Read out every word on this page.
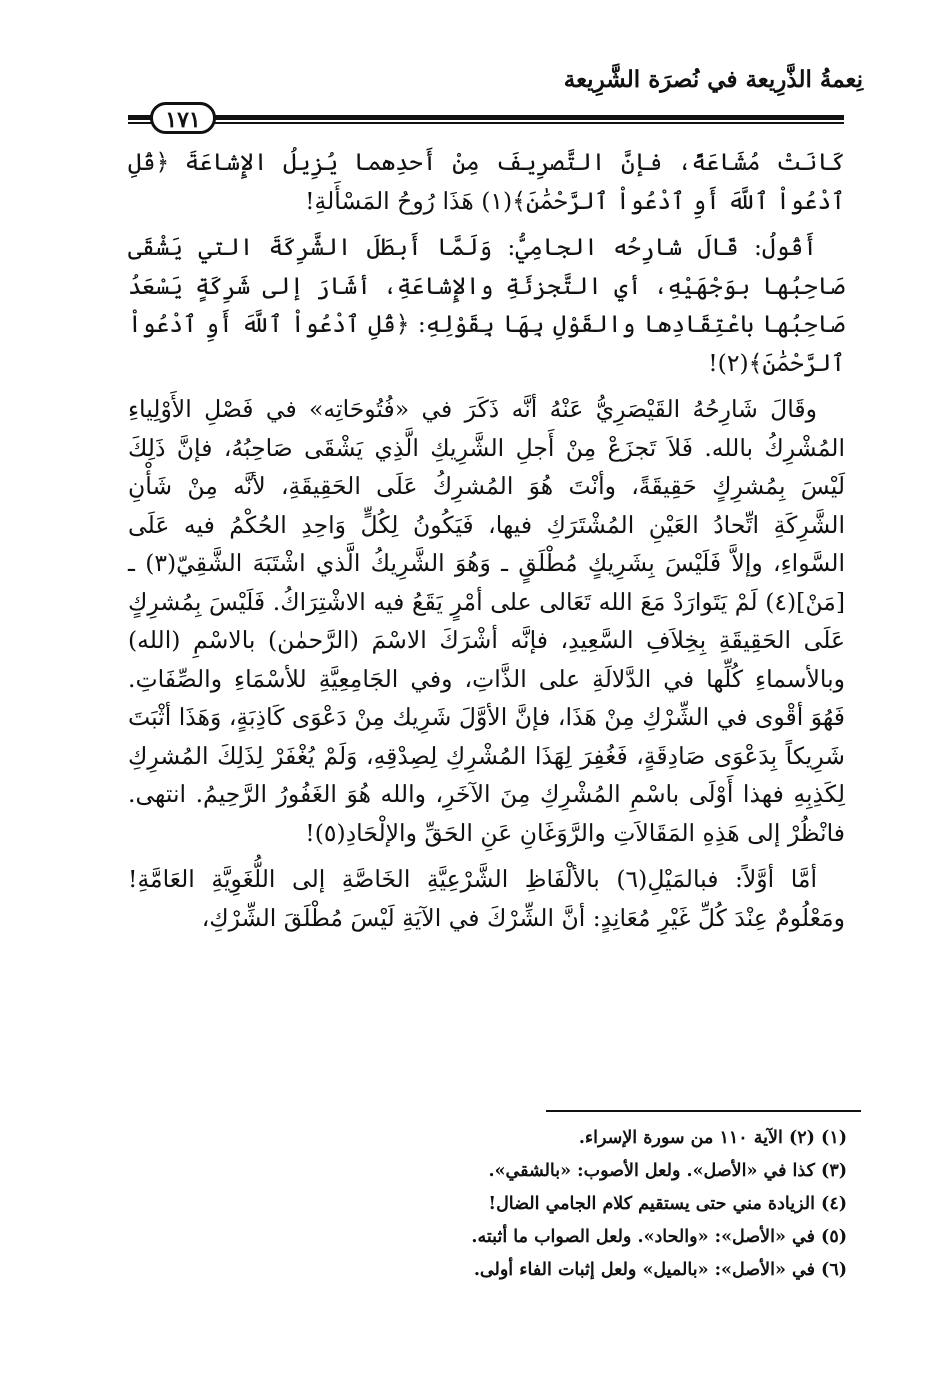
نِعمةُ الذَّرِيعة في نُصرَة الشَّرِيعة
١٧١

كَانَتْ مُشَاعَةً، فإنَّ التَّصرِيفَ مِنْ أَحدِهما يُزِيلُ الإِشاعَةَ ﴿قُلِ ٱدْعُواْ ٱللَّهَ أَوِ ٱدْعُواْ ٱلرَّحْمَٰنَ﴾(١) هَذَا رُوحُ المَسْأَلةِ!

أَقُولُ: قَالَ شارِحُه الجامِيُّ: وَلَمَّا أَبطَلَ الشَّرِكَةَ التي يَشْقَى صَاحِبُها بوَجْهَيْهِ، أي التَّجزئَةِ والإِشاعَةِ، أشَارَ إلى شَرِكَةٍ يَسْعَدُ صَاحِبُها باعْتِقَادِها والقَوْلِ بِهَا بِقَوْلِهِ: ﴿قُلِ ٱدْعُواْ ٱللَّهَ أَوِ ٱدْعُواْ ٱلرَّحْمَٰنَ﴾(٢)!

وقَالَ شَارِحُهُ القَيْصَرِيُّ عَنْهُ أنَّه ذَكَرَ في «فُتُوحَاتِه» في فَصْلِ الأَوْلِياءِ المُشْرِكُ بالله. فَلاَ تَجزَعْ مِنْ أَجلِ الشَّرِيكِ الَّذِي يَشْقَى صَاحِبُهُ، فإنَّ ذَلِكَ لَيْسَ بِمُشرِكٍ حَقِيقَةً، وأنْتَ هُوَ المُشرِكُ عَلَى الحَقِيقَةِ، لأنَّه مِنْ شَأْنِ الشَّرِكَةِ اتِّحادُ العَيْنِ المُشْتَرَكِ فيها، فَيَكُونُ لِكُلٍّ وَاحِدِ الحُكْمُ فيه عَلَى السَّواءِ، وإلاَّ فَلَيْسَ بِشَرِيكٍ مُطْلَقٍ ـ وَهُوَ الشَّرِيكُ الَّذي اشْتَبَهَ الشَّقِيّ(٣) ـ [مَنْ](٤) لَمْ يَتَوارَدْ مَعَ الله تَعَالى على أمْرٍ يَقَعُ فيه الاشْتِرَاكُ. فَلَيْسَ بِمُشرِكٍ عَلَى الحَقِيقَةِ بِخِلاَفِ السَّعِيدِ، فإنَّه أشْرَكَ الاسْمَ (الرَّحمٰن) بالاسْمِ (الله) وبالأسماءِ كُلِّها في الدَّلالَةِ على الذَّاتِ، وفي الجَامِعِيَّةِ للأسْمَاءِ والصِّفَاتِ. فَهُوَ أقْوى في الشِّرْكِ مِنْ هَذَا، فإنَّ الأوَّلَ شَرِيك مِنْ دَعْوَى كَاذِبَةٍ، وَهَذَا أثْبَتَ شَرِيكاً بِدَعْوَى صَادِقَةٍ، فَغُفِرَ لِهَذَا المُشْرِكِ لِصِدْقِهِ، وَلَمْ يُغْفَرْ لِذَلِكَ المُشرِكِ لِكَذِبِهِ فهذا أَوْلَى باسْمِ المُشْرِكِ مِنَ الآخَرِ، والله هُوَ الغَفُورُ الرَّحِيمُ. انتهى. فانْظُرْ إلى هَذِهِ المَقَالاَتِ والرَّوَغَانِ عَنِ الحَقِّ والإلْحَادِ(٥)!

أمَّا أوَّلاً: فبالمَيْلِ(٦) بالألْفَاظِ الشَّرْعِيَّةِ الخَاصَّةِ إلى اللُّغَوِيَّةِ العَامَّةِ! ومَعْلُومٌ عِنْدَ كُلِّ غَيْرِ مُعَانِدٍ: أنَّ الشِّرْكَ في الآيَةِ لَيْسَ مُطْلَقَ الشِّرْكِ،

(١) (٢) الآية ١١٠ من سورة الإسراء.
(٣) كذا في «الأصل». ولعل الأصوب: «بالشقي».
(٤) الزيادة مني حتى يستقيم كلام الجامي الضال!
(٥) في «الأصل»: «والحاد». ولعل الصواب ما أثبته.
(٦) في «الأصل»: «بالميل» ولعل إثبات الفاء أولى.
